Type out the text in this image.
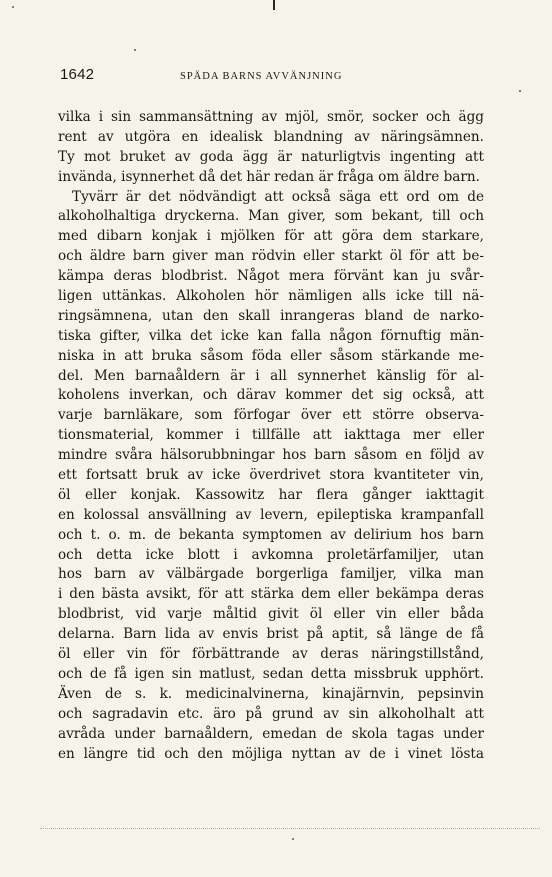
1642	SPÄDA BARNS AVVÄNJNING
vilka i sin sammansättning av mjöl, smör, socker och ägg
rent av utgöra en idealisk blandning av näringsämnen.
Ty mot bruket av goda ägg är naturligtvis ingenting att
invända, isynnerhet då det här redan är fråga om äldre barn.
Tyvärr är det nödvändigt att också säga ett ord om de
alkoholhaltiga dryckerna. Man giver, som bekant, till och
med dibarn konjak i mjölken för att göra dem starkare,
och äldre barn giver man rödvin eller starkt öl för att be-
kämpa deras blodbrist. Något mera förvänt kan ju svår-
ligen uttänkas. Alkoholen hör nämligen alls icke till nä-
ringsämnena, utan den skall inrangeras bland de narko-
tiska gifter, vilka det icke kan falla någon förnuftig män-
niska in att bruka såsom föda eller såsom stärkande me-
del. Men barnaåldern är i all synnerhet känslig för al-
koholens inverkan, och därav kommer det sig också, att
varje barnläkare, som förfogar över ett större observa-
tionsmaterial, kommer i tillfälle att iakttaga mer eller
mindre svåra hälsorubbningar hos barn såsom en följd av
ett fortsatt bruk av icke överdrivet stora kvantiteter vin,
öl eller konjak. Kassowitz har flera gånger iakttagit
en kolossal ansvällning av levern, epileptiska krampanfall
och t. o. m. de bekanta symptomen av delirium hos barn
och detta icke blott i avkomna proletärfamiljer, utan
hos barn av välbärgade borgerliga familjer, vilka man
i den bästa avsikt, för att stärka dem eller bekämpa deras
blodbrist, vid varje måltid givit öl eller vin eller båda
delarna. Barn lida av envis brist på aptit, så länge de få
öl eller vin för förbättrande av deras näringstillstånd,
och de få igen sin matlust, sedan detta missbruk upphört.
Även de s. k. medicinalvinerna, kinajärnvin, pepsinvin
och sagradavin etc. äro på grund av sin alkoholhalt att
avråda under barnaåldern, emedan de skola tagas under
en längre tid och den möjliga nyttan av de i vinet lösta
